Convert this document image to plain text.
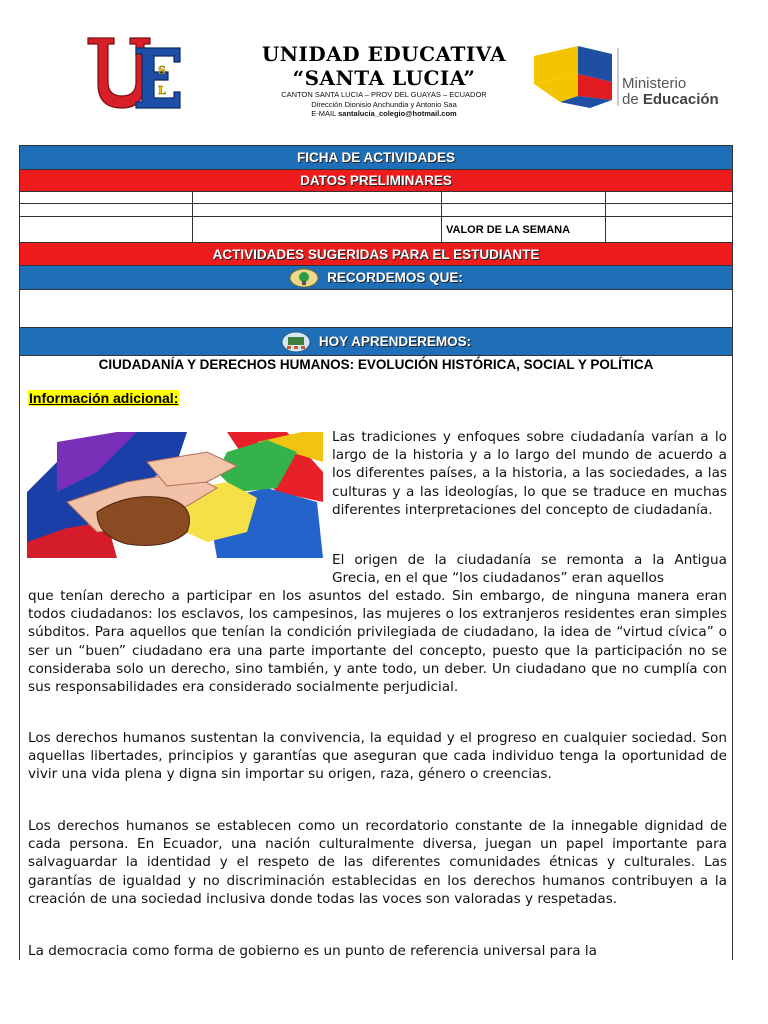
S
L
UNIDAD EDUCATIVA
“SANTA LUCIA”
CANTON SANTA LUCIA – PROV DEL GUAYAS – ECUADOR
Dirección Dionisio Anchundia y Antonio Saa
E-MAIL santalucia_colegio@hotmail.com
Ministerio
de Educación
FICHA DE ACTIVIDADES
DATOS PRELIMINARES
VALOR DE LA SEMANA
ACTIVIDADES SUGERIDAS PARA EL ESTUDIANTE
RECORDEMOS QUE:
HOY APRENDEREMOS:
CIUDADANÍA Y DERECHOS HUMANOS: EVOLUCIÓN HISTÓRICA, SOCIAL Y POLÍTICA
Información adicional:
Las tradiciones y enfoques sobre ciudadanía varían a lo largo de la historia y a lo largo del mundo de acuerdo a los diferentes países, a la historia, a las sociedades, a las culturas y a las ideologías, lo que se traduce en muchas diferentes interpretaciones del concepto de ciudadanía.
El origen de la ciudadanía se remonta a la Antigua Grecia, en el que “los ciudadanos” eran aquellos
que tenían derecho a participar en los asuntos del estado. Sin embargo, de ninguna manera eran todos ciudadanos: los esclavos, los campesinos, las mujeres o los extranjeros residentes eran simples súbditos. Para aquellos que tenían la condición privilegiada de ciudadano, la idea de “virtud cívica” o ser un “buen” ciudadano era una parte importante del concepto, puesto que la participación no se consideraba solo un derecho, sino también, y ante todo, un deber. Un ciudadano que no cumplía con sus responsabilidades era considerado socialmente perjudicial.
Los derechos humanos sustentan la convivencia, la equidad y el progreso en cualquier sociedad. Son aquellas libertades, principios y garantías que aseguran que cada individuo tenga la oportunidad de vivir una vida plena y digna sin importar su origen, raza, género o creencias.
Los derechos humanos se establecen como un recordatorio constante de la innegable dignidad de cada persona. En Ecuador, una nación culturalmente diversa, juegan un papel importante para salvaguardar la identidad y el respeto de las diferentes comunidades étnicas y culturales. Las garantías de igualdad y no discriminación establecidas en los derechos humanos contribuyen a la creación de una sociedad inclusiva donde todas las voces son valoradas y respetadas.
La democracia como forma de gobierno es un punto de referencia universal para la
